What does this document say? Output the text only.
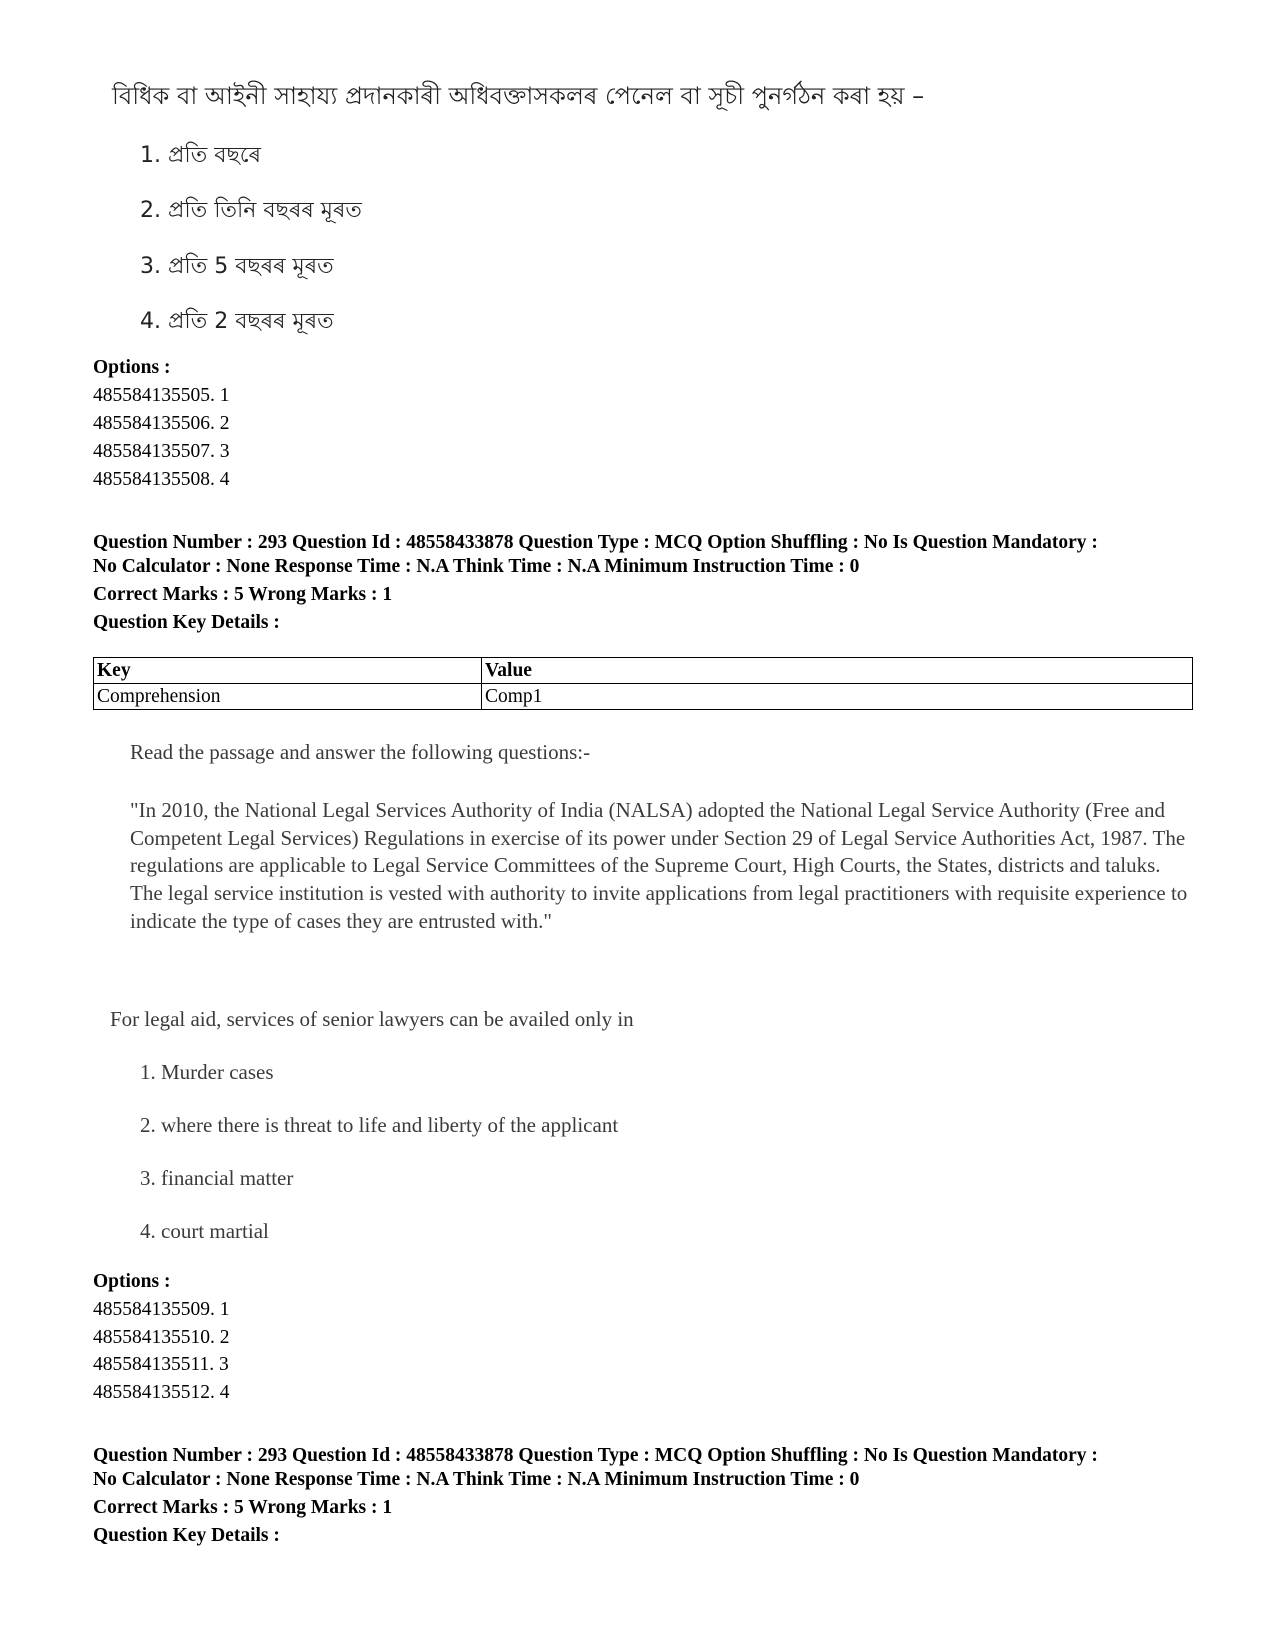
বিধিক বা আইনী সাহায্য প্ৰদানকাৰী অধিবক্তাসকলৰ পেনেল বা সূচী পুনৰ্গঠন কৰা হয় –
1. প্ৰতি বছৰে
2. প্ৰতি তিনি বছৰৰ মূৰত
3. প্ৰতি 5 বছৰৰ মূৰত
4. প্ৰতি 2 বছৰৰ মূৰত
Options :
485584135505. 1
485584135506. 2
485584135507. 3
485584135508. 4
Question Number : 293 Question Id : 48558433878 Question Type : MCQ Option Shuffling : No Is Question Mandatory :
No Calculator : None Response Time : N.A Think Time : N.A Minimum Instruction Time : 0
Correct Marks : 5 Wrong Marks : 1
Question Key Details :
Key	Value
Comprehension	Comp1
Read the passage and answer the following questions:-
"In 2010, the National Legal Services Authority of India (NALSA) adopted the National Legal Service Authority (Free and Competent Legal Services) Regulations in exercise of its power under Section 29 of Legal Service Authorities Act, 1987. The regulations are applicable to Legal Service Committees of the Supreme Court, High Courts, the States, districts and taluks. The legal service institution is vested with authority to invite applications from legal practitioners with requisite experience to indicate the type of cases they are entrusted with."
For legal aid, services of senior lawyers can be availed only in
1. Murder cases
2. where there is threat to life and liberty of the applicant
3. financial matter
4. court martial
Options :
485584135509. 1
485584135510. 2
485584135511. 3
485584135512. 4
Question Number : 293 Question Id : 48558433878 Question Type : MCQ Option Shuffling : No Is Question Mandatory :
No Calculator : None Response Time : N.A Think Time : N.A Minimum Instruction Time : 0
Correct Marks : 5 Wrong Marks : 1
Question Key Details :
